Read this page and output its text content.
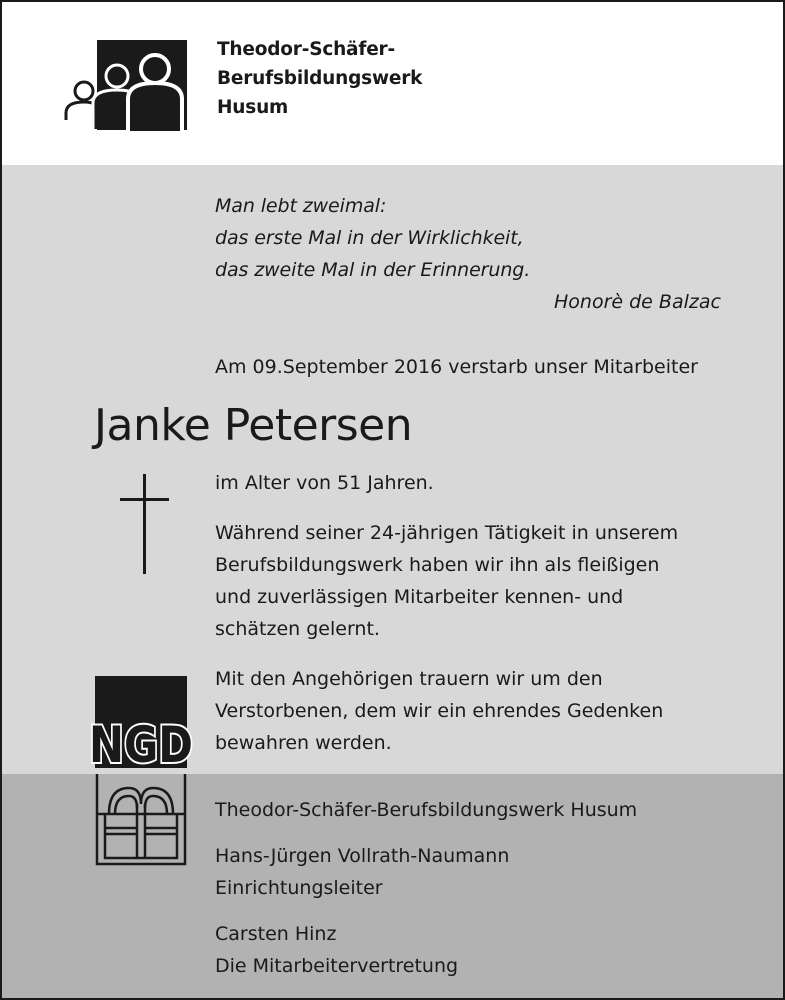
Theodor-Schäfer-
Berufsbildungswerk
Husum
Man lebt zweimal:
das erste Mal in der Wirklichkeit,
das zweite Mal in der Erinnerung.
Honorè de Balzac
Am 09.September 2016 verstarb unser Mitarbeiter
Janke Petersen
im Alter von 51 Jahren.
Während seiner 24-jährigen Tätigkeit in unserem
Berufsbildungswerk haben wir ihn als fleißigen
und zuverlässigen Mitarbeiter kennen- und
schätzen gelernt.
Mit den Angehörigen trauern wir um den
Verstorbenen, dem wir ein ehrendes Gedenken
bewahren werden.
NGD
Theodor-Schäfer-Berufsbildungswerk Husum
Hans-Jürgen Vollrath-Naumann
Einrichtungsleiter
Carsten Hinz
Die Mitarbeitervertretung
